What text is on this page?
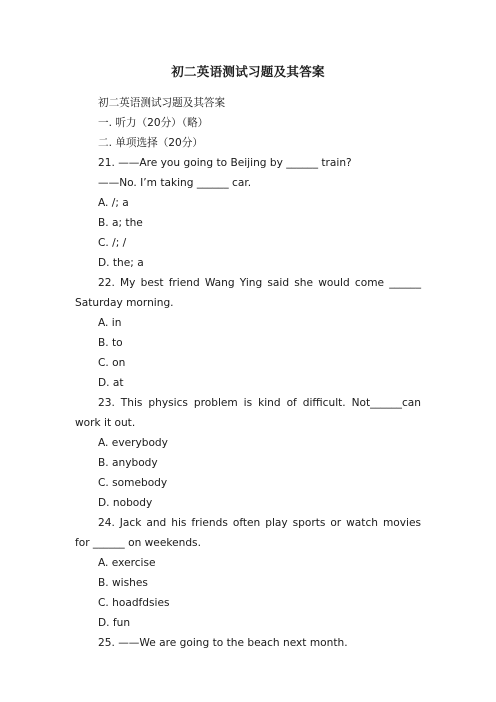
初二英语测试习题及其答案

初二英语测试习题及其答案

一. 听力（20分）（略）

二. 单项选择（20分）

21. ——Are you going to Beijing by ______ train?

——No. I’m taking ______ car.

A. /; a

B. a; the

C. /; /

D. the; a

22. My best friend Wang Ying said she would come ______ Saturday morning.

A. in

B. to

C. on

D. at

23. This physics problem is kind of difficult. Not______can work it out.

A. everybody

B. anybody

C. somebody

D. nobody

24. Jack and his friends often play sports or watch movies for ______ on weekends.

A. exercise

B. wishes

C. hoadfdsies

D. fun

25. ——We are going to the beach next month.
